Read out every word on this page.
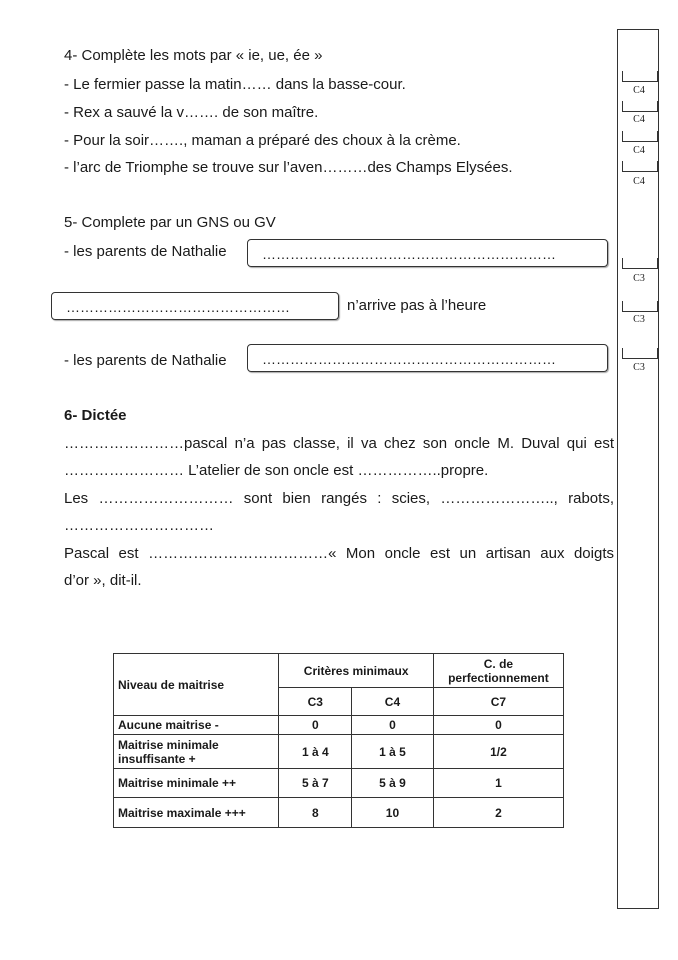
4- Complète les mots par « ie, ue, ée »
- Le fermier passe la matin…… dans la basse-cour.
- Rex a sauvé la v……. de son maître.
- Pour la soir……., maman a préparé des choux à la crème.
- l’arc de Triomphe se trouve sur l’aven………des Champs Elysées.
5- Complete par un GNS ou GV
- les parents de Nathalie	………………………………………………………
…………………………………………	n’arrive pas à l’heure
- les parents de Nathalie	………………………………………………………
6- Dictée
……………………pascal n’a pas classe, il va chez son oncle M. Duval qui est
…………………… L’atelier de son oncle est ……………..propre.
Les ……………………… sont bien rangés : scies, ………………….., rabots,
…………………………
Pascal est ………………………………« Mon oncle est un artisan aux doigts
d’or », dit-il.
C4
C4
C4
C4
C3
C3
C3
Niveau de maitrise	Critères minimaux		C. de perfectionnement
	C3	C4	C7
Aucune maitrise -	0	0	0
Maitrise minimale insuffisante +	1 à 4	1 à 5	1/2
Maitrise minimale ++	5 à 7	5 à 9	1
Maitrise maximale +++	8	10	2
